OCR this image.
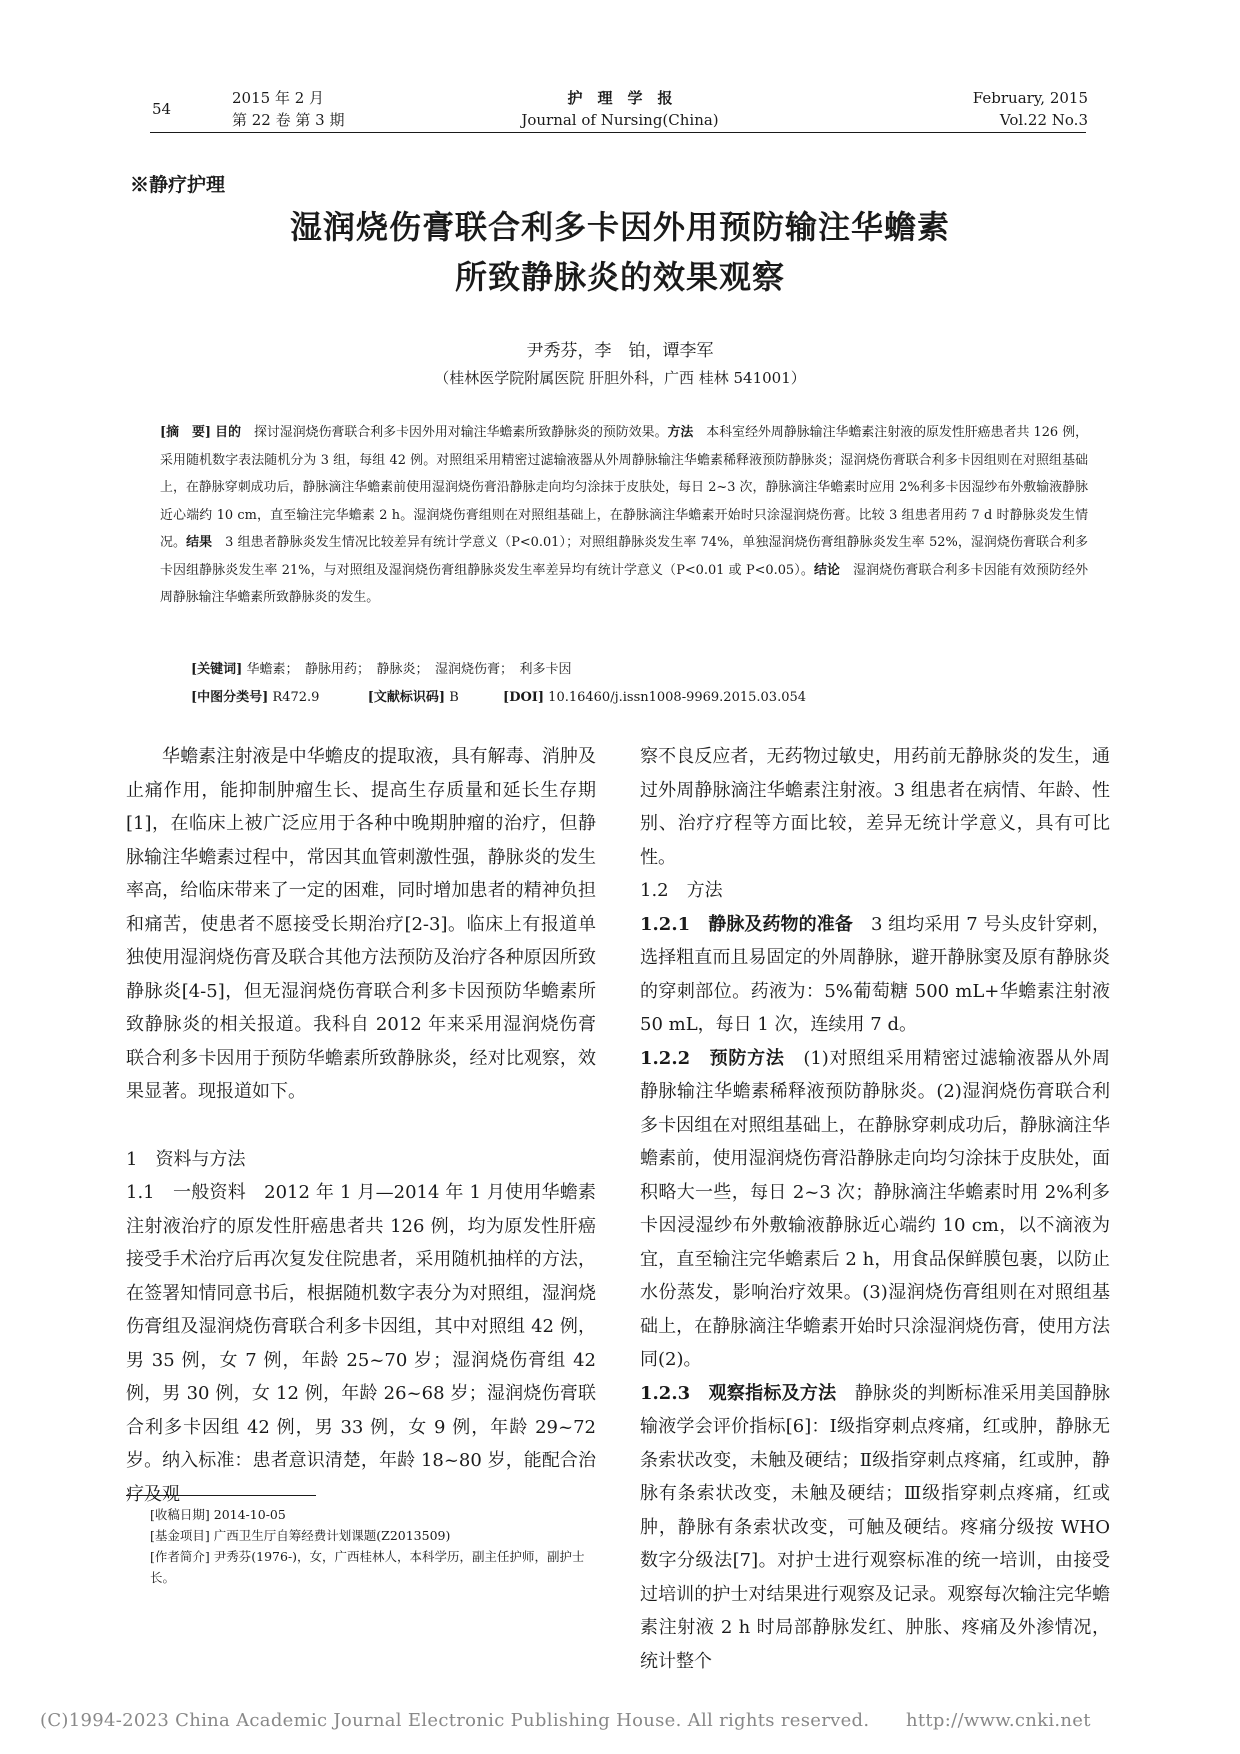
54
2015 年 2 月
第 22 卷 第 3 期
护　理　学　报
Journal of Nursing(China)
February, 2015
Vol.22 No.3
※静疗护理
湿润烧伤膏联合利多卡因外用预防输注华蟾素
所致静脉炎的效果观察
尹秀芬，李　铂，谭李军
（桂林医学院附属医院 肝胆外科，广西 桂林 541001）

[摘　要] 目的　 探讨湿润烧伤膏联合利多卡因外用对输注华蟾素所致静脉炎的预防效果。方法　 本科室经外周静脉输注华蟾素注射液的原发性肝癌患者共 126 例，采用随机数字表法随机分为 3 组，每组 42 例。对照组采用精密过滤输液器从外周静脉输注华蟾素稀释液预防静脉炎；湿润烧伤膏联合利多卡因组则在对照组基础上，在静脉穿刺成功后，静脉滴注华蟾素前使用湿润烧伤膏沿静脉走向均匀涂抹于皮肤处，每日 2~3 次，静脉滴注华蟾素时应用 2%利多卡因湿纱布外敷输液静脉近心端约 10 cm，直至输注完华蟾素 2 h。湿润烧伤膏组则在对照组基础上，在静脉滴注华蟾素开始时只涂湿润烧伤膏。比较 3 组患者用药 7 d 时静脉炎发生情况。结果　 3 组患者静脉炎发生情况比较差异有统计学意义（P<0.01）；对照组静脉炎发生率 74%，单独湿润烧伤膏组静脉炎发生率 52%，湿润烧伤膏联合利多卡因组静脉炎发生率 21%，与对照组及湿润烧伤膏组静脉炎发生率差异均有统计学意义（P<0.01 或 P<0.05）。结论　 湿润烧伤膏联合利多卡因能有效预防经外周静脉输注华蟾素所致静脉炎的发生。

[关键词] 华蟾素；　静脉用药；　静脉炎；　湿润烧伤膏；　利多卡因
[中图分类号] R472.9	[文献标识码] B	[DOI] 10.16460/j.issn1008-9969.2015.03.054

华蟾素注射液是中华蟾皮的提取液，具有解毒、消肿及止痛作用，能抑制肿瘤生长、提高生存质量和延长生存期[1]，在临床上被广泛应用于各种中晚期肿瘤的治疗，但静脉输注华蟾素过程中，常因其血管刺激性强，静脉炎的发生率高，给临床带来了一定的困难，同时增加患者的精神负担和痛苦，使患者不愿接受长期治疗[2-3]。临床上有报道单独使用湿润烧伤膏及联合其他方法预防及治疗各种原因所致静脉炎[4-5]，但无湿润烧伤膏联合利多卡因预防华蟾素所致静脉炎的相关报道。我科自 2012 年来采用湿润烧伤膏联合利多卡因用于预防华蟾素所致静脉炎，经对比观察，效果显著。现报道如下。

1　资料与方法

1.1　一般资料　 2012 年 1 月—2014 年 1 月使用华蟾素注射液治疗的原发性肝癌患者共 126 例，均为原发性肝癌接受手术治疗后再次复发住院患者，采用随机抽样的方法，在签署知情同意书后，根据随机数字表分为对照组，湿润烧伤膏组及湿润烧伤膏联合利多卡因组，其中对照组 42 例，男 35 例，女 7 例，年龄 25~70 岁；湿润烧伤膏组 42 例，男 30 例，女 12 例，年龄 26~68 岁；湿润烧伤膏联合利多卡因组 42 例，男 33 例，女 9 例，年龄 29~72 岁。纳入标准：患者意识清楚，年龄 18~80 岁，能配合治疗及观

察不良反应者，无药物过敏史，用药前无静脉炎的发生，通过外周静脉滴注华蟾素注射液。3 组患者在病情、年龄、性别、治疗疗程等方面比较，差异无统计学意义，具有可比性。

1.2　方法

1.2.1　静脉及药物的准备　 3 组均采用 7 号头皮针穿刺，选择粗直而且易固定的外周静脉，避开静脉窦及原有静脉炎的穿刺部位。药液为：5%葡萄糖 500 mL+华蟾素注射液 50 mL，每日 1 次，连续用 7 d。

1.2.2　预防方法　 (1)对照组采用精密过滤输液器从外周静脉输注华蟾素稀释液预防静脉炎。(2)湿润烧伤膏联合利多卡因组在对照组基础上，在静脉穿刺成功后，静脉滴注华蟾素前，使用湿润烧伤膏沿静脉走向均匀涂抹于皮肤处，面积略大一些，每日 2~3 次；静脉滴注华蟾素时用 2%利多卡因浸湿纱布外敷输液静脉近心端约 10 cm，以不滴液为宜，直至输注完华蟾素后 2 h，用食品保鲜膜包裹，以防止水份蒸发，影响治疗效果。(3)湿润烧伤膏组则在对照组基础上，在静脉滴注华蟾素开始时只涂湿润烧伤膏，使用方法同(2)。

1.2.3　观察指标及方法　 静脉炎的判断标准采用美国静脉输液学会评价指标[6]：Ⅰ级指穿刺点疼痛，红或肿，静脉无条索状改变，未触及硬结；Ⅱ级指穿刺点疼痛，红或肿，静脉有条索状改变，未触及硬结；Ⅲ级指穿刺点疼痛，红或肿，静脉有条索状改变，可触及硬结。疼痛分级按 WHO 数字分级法[7]。对护士进行观察标准的统一培训，由接受过培训的护士对结果进行观察及记录。观察每次输注完华蟾素注射液 2 h 时局部静脉发红、肿胀、疼痛及外渗情况，统计整个

[收稿日期] 2014-10-05

[基金项目] 广西卫生厅自筹经费计划课题(Z2013509)

[作者简介] 尹秀芬(1976-)，女，广西桂林人，本科学历，副主任护师，副护士长。

(C)1994-2023 China Academic Journal Electronic Publishing House. All rights reserved.　　http://www.cnki.net
